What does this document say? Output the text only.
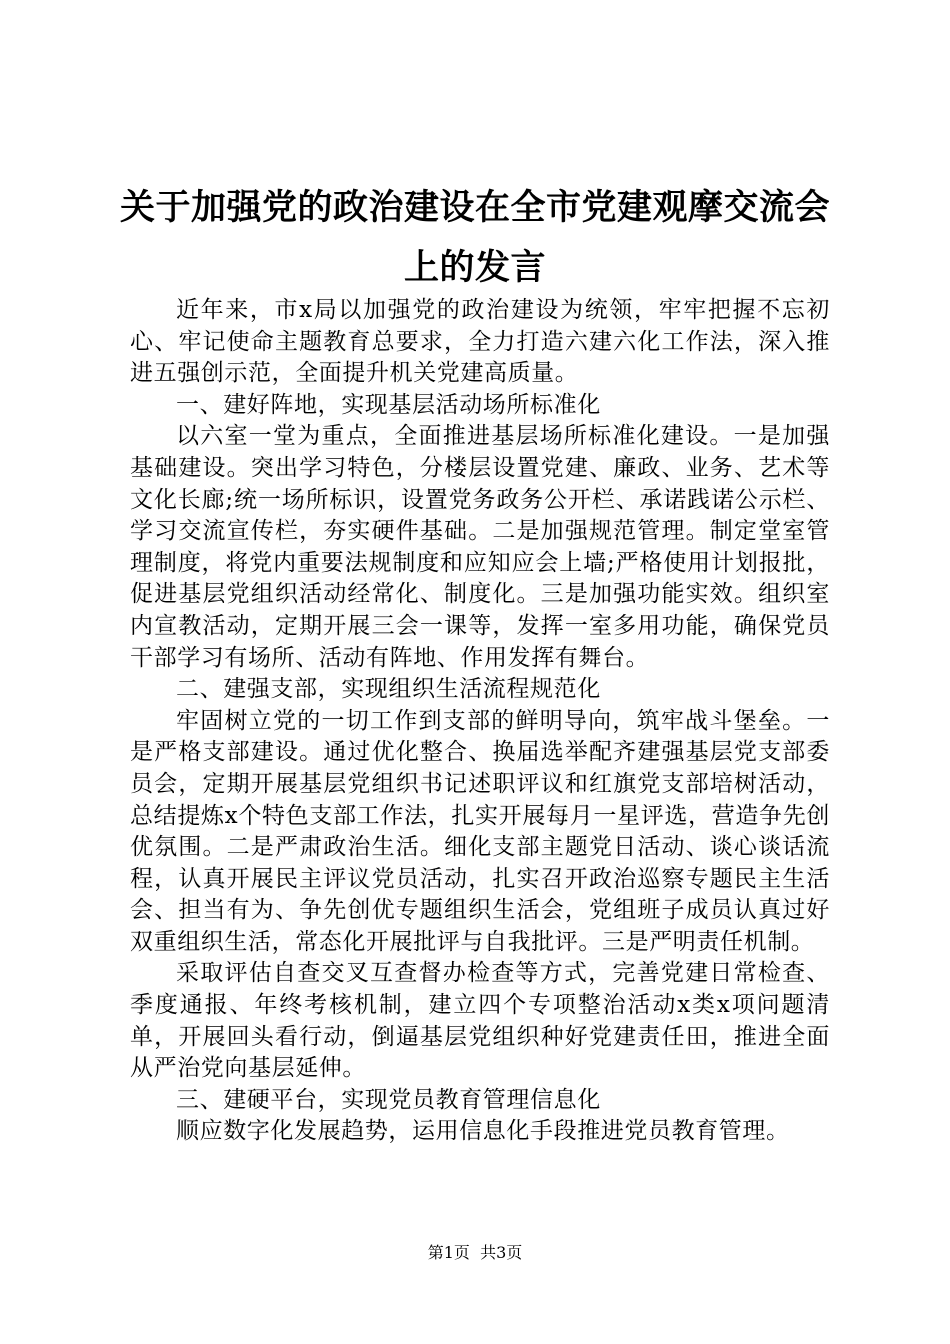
关于加强党的政治建设在全市党建观摩交流会
上的发言

近年来，市x局以加强党的政治建设为统领，牢牢把握不忘初心、牢记使命主题教育总要求，全力打造六建六化工作法，深入推进五强创示范，全面提升机关党建高质量。

一、建好阵地，实现基层活动场所标准化

以六室一堂为重点，全面推进基层场所标准化建设。一是加强基础建设。突出学习特色，分楼层设置党建、廉政、业务、艺术等文化长廊;统一场所标识，设置党务政务公开栏、承诺践诺公示栏、学习交流宣传栏，夯实硬件基础。二是加强规范管理。制定堂室管理制度，将党内重要法规制度和应知应会上墙;严格使用计划报批，促进基层党组织活动经常化、制度化。三是加强功能实效。组织室内宣教活动，定期开展三会一课等，发挥一室多用功能，确保党员干部学习有场所、活动有阵地、作用发挥有舞台。

二、建强支部，实现组织生活流程规范化

牢固树立党的一切工作到支部的鲜明导向，筑牢战斗堡垒。一是严格支部建设。通过优化整合、换届选举配齐建强基层党支部委员会，定期开展基层党组织书记述职评议和红旗党支部培树活动，总结提炼x个特色支部工作法，扎实开展每月一星评选，营造争先创优氛围。二是严肃政治生活。细化支部主题党日活动、谈心谈话流程，认真开展民主评议党员活动，扎实召开政治巡察专题民主生活会、担当有为、争先创优专题组织生活会，党组班子成员认真过好双重组织生活，常态化开展批评与自我批评。三是严明责任机制。

采取评估自查交叉互查督办检查等方式，完善党建日常检查、季度通报、年终考核机制，建立四个专项整治活动x类x项问题清单，开展回头看行动，倒逼基层党组织种好党建责任田，推进全面从严治党向基层延伸。

三、建硬平台，实现党员教育管理信息化

顺应数字化发展趋势，运用信息化手段推进党员教育管理。

第1页  共3页
